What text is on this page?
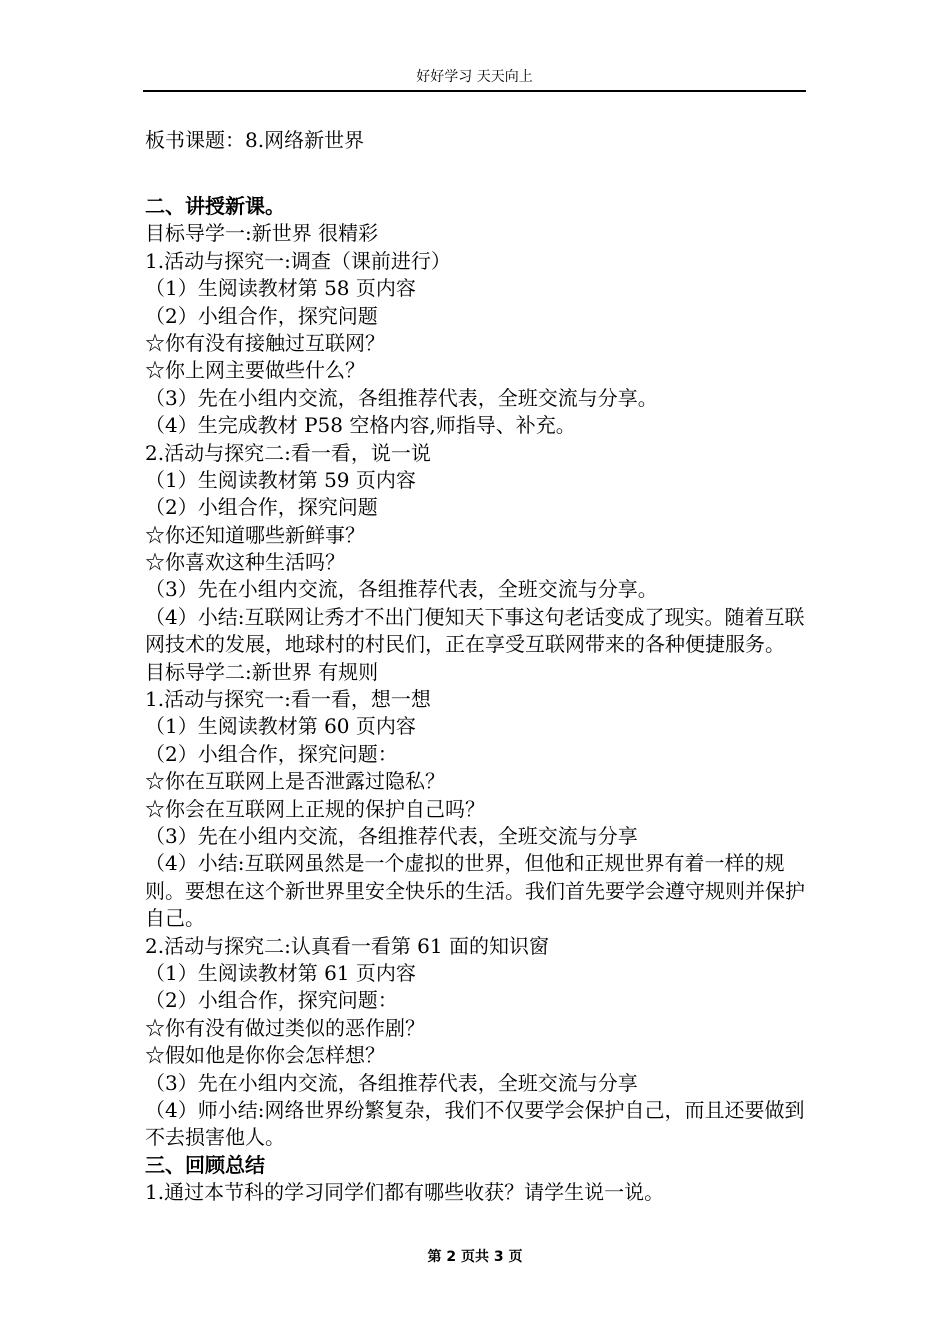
好好学习 天天向上
板书课题：8.网络新世界
二、讲授新课。
目标导学一:新世界 很精彩
1.活动与探究一:调查（课前进行）
（1）生阅读教材第 58 页内容
（2）小组合作，探究问题
☆你有没有接触过互联网？
☆你上网主要做些什么？
（3）先在小组内交流，各组推荐代表，全班交流与分享。
（4）生完成教材 P58 空格内容,师指导、补充。
2.活动与探究二:看一看，说一说
（1）生阅读教材第 59 页内容
（2）小组合作，探究问题
☆你还知道哪些新鲜事？
☆你喜欢这种生活吗？
（3）先在小组内交流，各组推荐代表，全班交流与分享。
（4）小结:互联网让秀才不出门便知天下事这句老话变成了现实。随着互联网技术的发展，地球村的村民们，正在享受互联网带来的各种便捷服务。
目标导学二:新世界 有规则
1.活动与探究一:看一看，想一想
（1）生阅读教材第 60 页内容
（2）小组合作，探究问题：
☆你在互联网上是否泄露过隐私？
☆你会在互联网上正规的保护自己吗？
（3）先在小组内交流，各组推荐代表，全班交流与分享
（4）小结:互联网虽然是一个虚拟的世界，但他和正规世界有着一样的规则。要想在这个新世界里安全快乐的生活。我们首先要学会遵守规则并保护自己。
2.活动与探究二:认真看一看第 61 面的知识窗
（1）生阅读教材第 61 页内容
（2）小组合作，探究问题：
☆你有没有做过类似的恶作剧？
☆假如他是你你会怎样想？
（3）先在小组内交流，各组推荐代表，全班交流与分享
（4）师小结:网络世界纷繁复杂，我们不仅要学会保护自己，而且还要做到不去损害他人。
三、回顾总结
1.通过本节科的学习同学们都有哪些收获？请学生说一说。
第 2 页共 3 页
